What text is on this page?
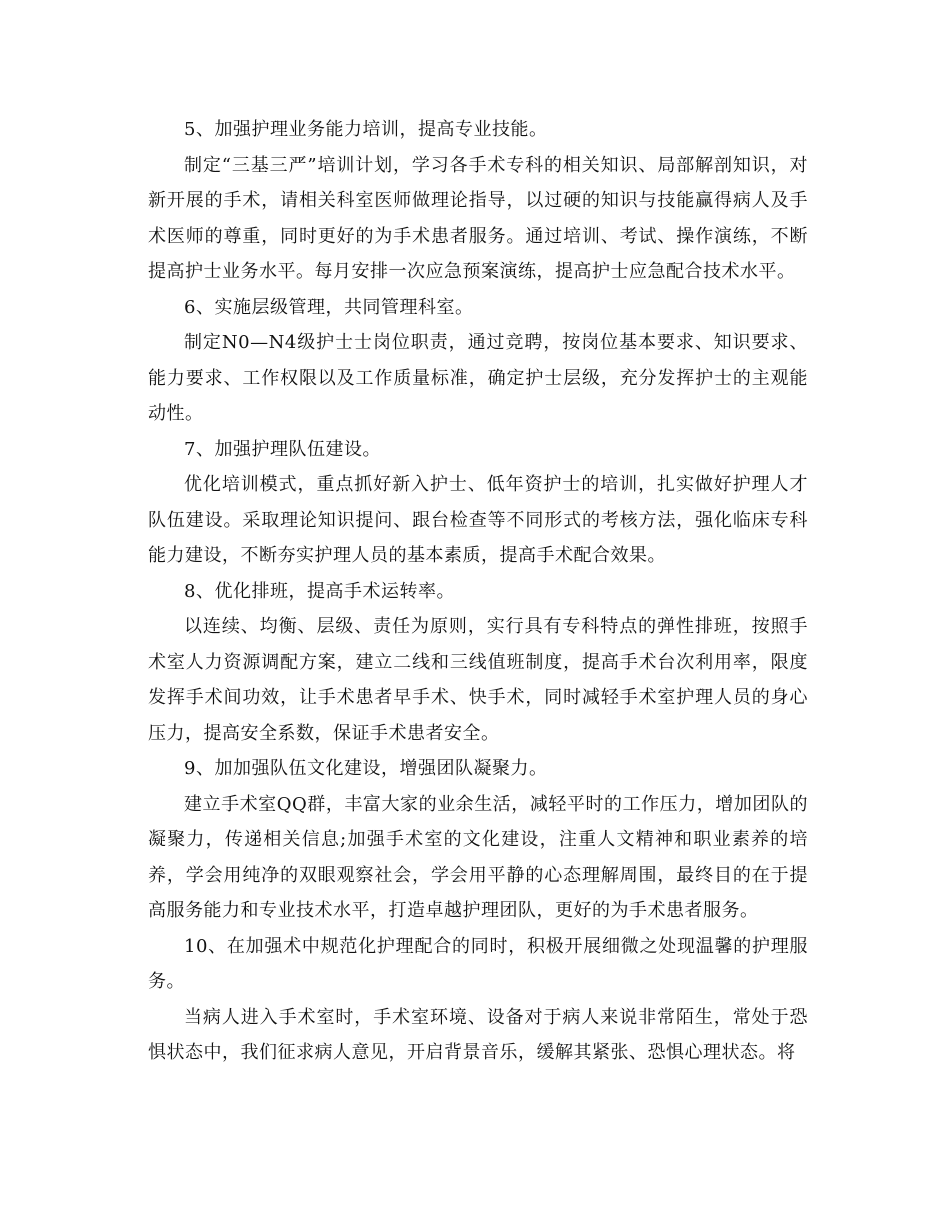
5、加强护理业务能力培训，提高专业技能。

制定“三基三严”培训计划，学习各手术专科的相关知识、局部解剖知识，对新开展的手术，请相关科室医师做理论指导，以过硬的知识与技能赢得病人及手术医师的尊重，同时更好的为手术患者服务。通过培训、考试、操作演练，不断提高护士业务水平。每月安排一次应急预案演练，提高护士应急配合技术水平。

6、实施层级管理，共同管理科室。

制定N0—N4级护士士岗位职责，通过竞聘，按岗位基本要求、知识要求、能力要求、工作权限以及工作质量标准，确定护士层级，充分发挥护士的主观能动性。

7、加强护理队伍建设。

优化培训模式，重点抓好新入护士、低年资护士的培训，扎实做好护理人才队伍建设。采取理论知识提问、跟台检查等不同形式的考核方法，强化临床专科能力建设，不断夯实护理人员的基本素质，提高手术配合效果。

8、优化排班，提高手术运转率。

以连续、均衡、层级、责任为原则，实行具有专科特点的弹性排班，按照手术室人力资源调配方案，建立二线和三线值班制度，提高手术台次利用率，限度发挥手术间功效，让手术患者早手术、快手术，同时减轻手术室护理人员的身心压力，提高安全系数，保证手术患者安全。

9、加加强队伍文化建设，增强团队凝聚力。

建立手术室QQ群，丰富大家的业余生活，减轻平时的工作压力，增加团队的凝聚力，传递相关信息;加强手术室的文化建设，注重人文精神和职业素养的培养，学会用纯净的双眼观察社会，学会用平静的心态理解周围，最终目的在于提高服务能力和专业技术水平，打造卓越护理团队，更好的为手术患者服务。

10、在加强术中规范化护理配合的同时，积极开展细微之处现温馨的护理服务。

当病人进入手术室时，手术室环境、设备对于病人来说非常陌生，常处于恐惧状态中，我们征求病人意见，开启背景音乐，缓解其紧张、恐惧心理状态。将
